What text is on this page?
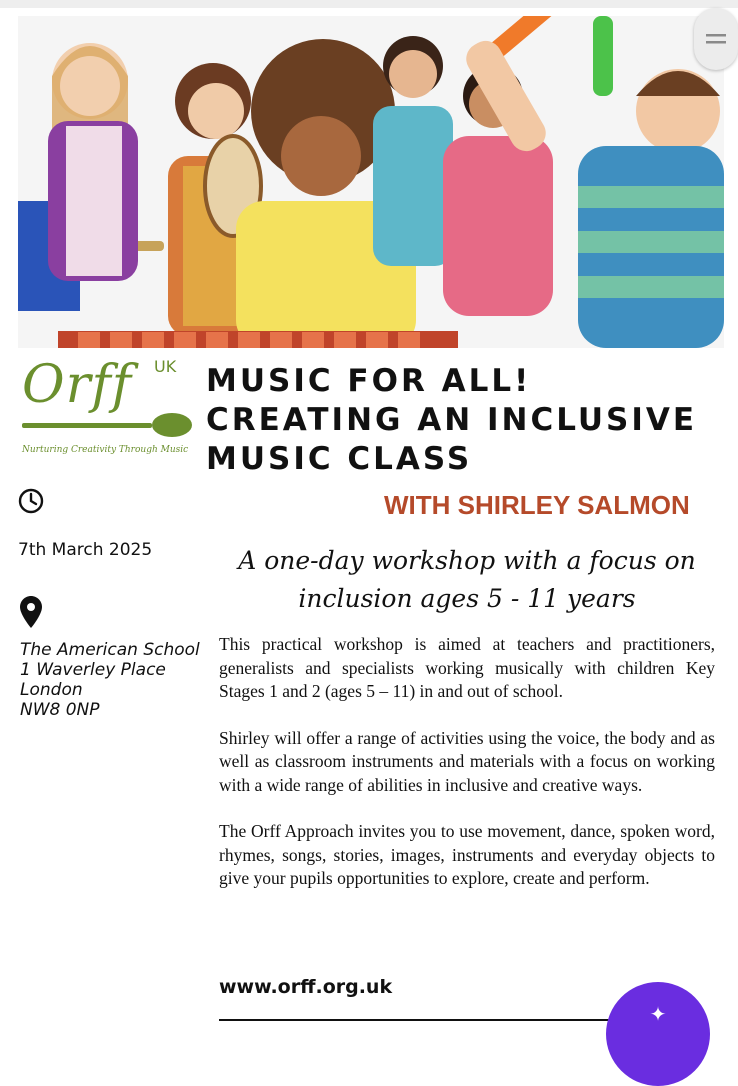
Orff UK
Nurturing Creativity Through Music
MUSIC FOR ALL!
CREATING AN INCLUSIVE
MUSIC CLASS
WITH SHIRLEY SALMON
7th March 2025
The American School
1 Waverley Place
London
NW8 0NP
A one-day workshop with a focus on inclusion ages 5 - 11 years

This practical workshop is aimed at teachers and practitioners, generalists and specialists working musically with children Key Stages 1 and 2 (ages 5 – 11) in and out of school.

Shirley will offer a range of activities using the voice, the body and as well as classroom instruments and materials with a focus on working with a wide range of abilities in inclusive and creative ways.

The Orff Approach invites you to use movement, dance, spoken word, rhymes, songs, stories, images, instruments and everyday objects to give your pupils opportunities to explore, create and perform.

www.orff.org.uk
✦
